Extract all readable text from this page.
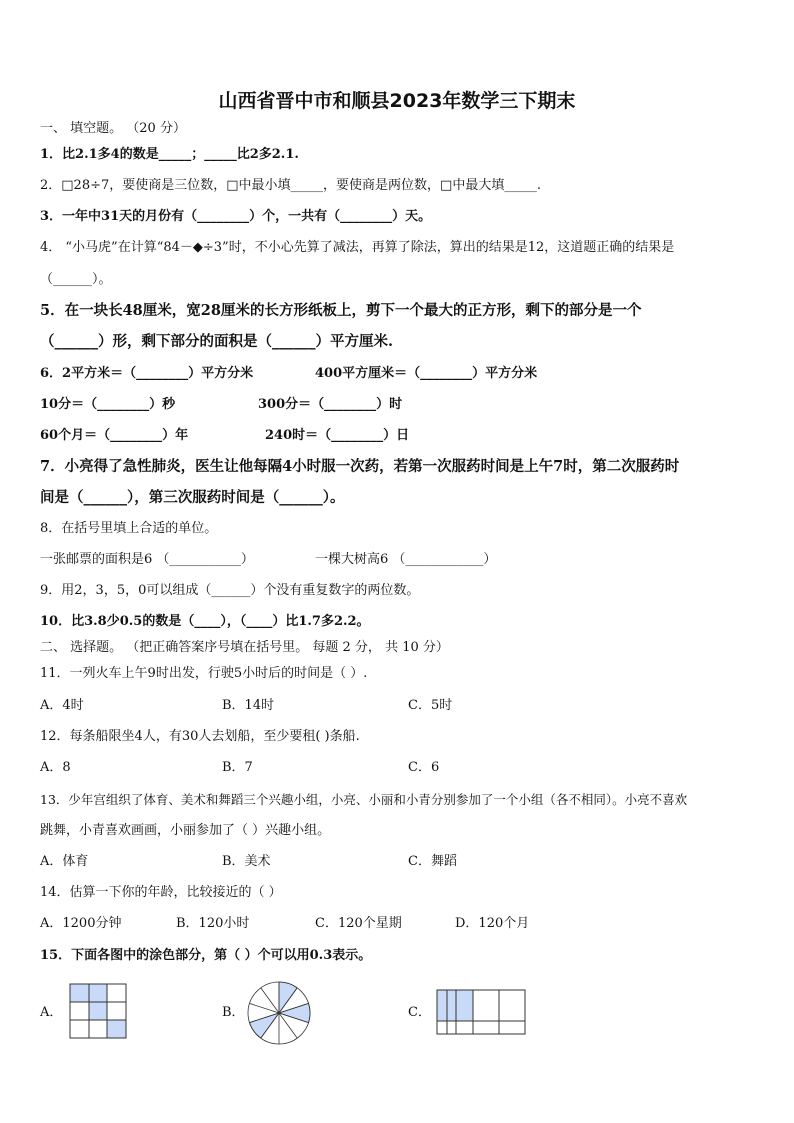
山西省晋中市和顺县2023年数学三下期末
一、 填空题。 （20 分）
1．比2.1多4的数是_____；_____比2多2.1.
2．□28÷7，要使商是三位数，□中最小填_____，要使商是两位数，□中最大填_____.
3．一年中31天的月份有（________）个，一共有（________）天。
4． “小马虎”在计算“84－◆÷3”时，不小心先算了减法，再算了除法，算出的结果是12，这道题正确的结果是
（______）。
5．在一块长48厘米，宽28厘米的长方形纸板上，剪下一个最大的正方形，剩下的部分是一个
（______）形，剩下部分的面积是（______）平方厘米.
6．2平方米＝（________）平方分米	400平方厘米＝（________）平方分米
10分＝（________）秒	300分＝（________）时
60个月＝（________）年	240时＝（________）日
7．小亮得了急性肺炎，医生让他每隔4小时服一次药，若第一次服药时间是上午7时，第二次服药时
间是（______），第三次服药时间是（______）。
8．在括号里填上合适的单位。
一张邮票的面积是6 （___________）	一棵大树高6 （____________）
9．用2，3，5，0可以组成（______）个没有重复数字的两位数。
10．比3.8少0.5的数是（____），（____）比1.7多2.2。
二、 选择题。 （把正确答案序号填在括号里。 每题 2 分， 共 10 分）
11．一列火车上午9时出发，行驶5小时后的时间是（ ）.
A．4时	B．14时	C．5时
12．每条船限坐4人，有30人去划船，至少要租( )条船.
A．8	B．7	C．6
13．少年宫组织了体育、美术和舞蹈三个兴趣小组，小亮、小丽和小青分别参加了一个小组（各不相同）。小亮不喜欢
跳舞，小青喜欢画画，小丽参加了（ ）兴趣小组。
A．体育	B．美术	C．舞蹈
14．估算一下你的年龄，比较接近的（ ）
A．1200分钟	B．120小时	C．120个星期	D．120个月
15．下面各图中的涂色部分，第（ ）个可以用0.3表示。
A．	B．	C．
